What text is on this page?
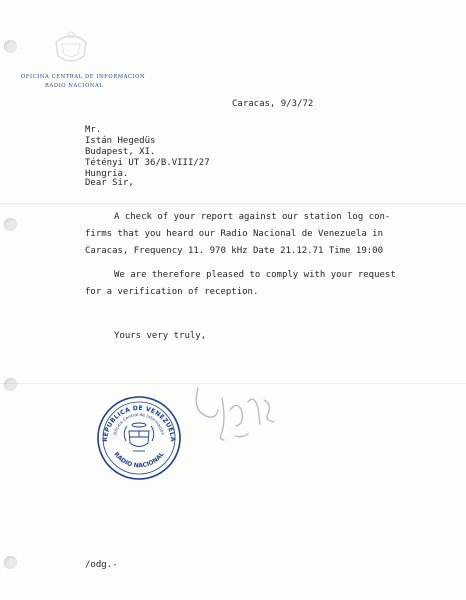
OFICINA CENTRAL DE INFORMACION
RADIO NACIONAL
Caracas, 9/3/72
Mr.
Istán Hegedüs
Budapest, XI.
Tétényi UT 36/B.VIII/27
Hungria.
Dear Sir,
A check of your report against our station log con-
firms that you heard our Radio Nacional de Venezuela in
Caracas, Frequency 11. 970 kHz Date 21.12.71 Time 19:00
We are therefore pleased to comply with your request
for a verification of reception.
Yours very truly,
REPUBLICA DE VENEZUELA
Oficina Central de Información
RADIO NACIONAL
/odg.-
